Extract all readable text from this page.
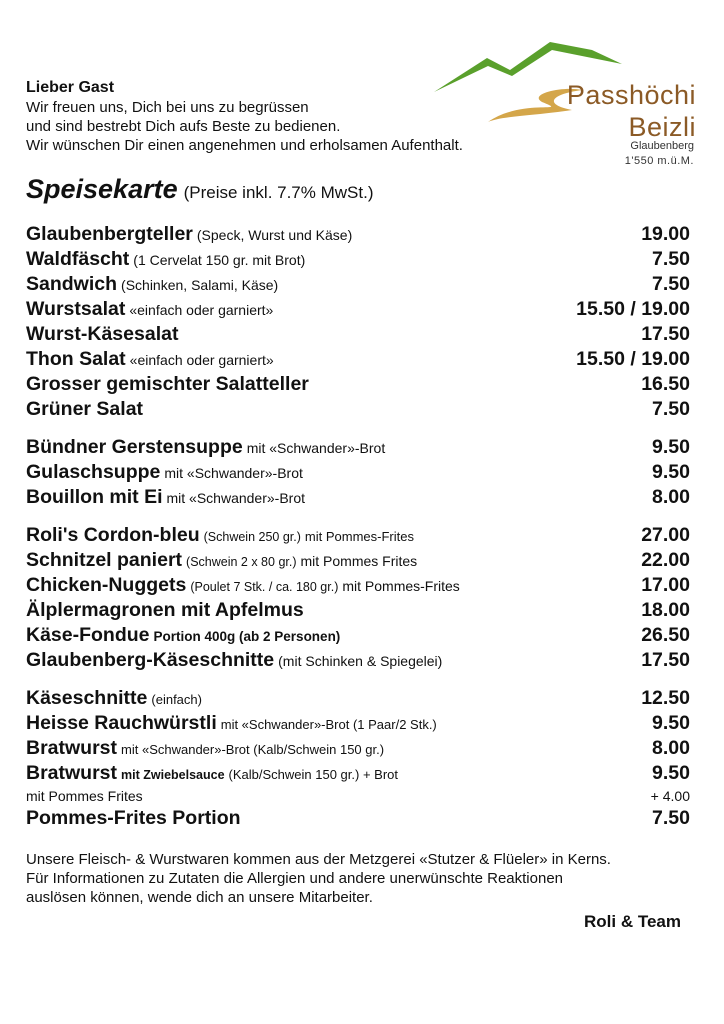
Lieber Gast
Wir freuen uns, Dich bei uns zu begrüssen
und sind bestrebt Dich aufs Beste zu bedienen.
Wir wünschen Dir einen angenehmen und erholsamen Aufenthalt.
Passhöchi
Beizli
Glaubenberg
1'550 m.ü.M.
Speisekarte (Preise inkl. 7.7% MwSt.)
Glaubenbergteller (Speck, Wurst und Käse)	19.00
Waldfäscht (1 Cervelat 150 gr. mit Brot)	7.50
Sandwich (Schinken, Salami, Käse)	7.50
Wurstsalat «einfach oder garniert»	15.50 / 19.00
Wurst-Käsesalat	17.50
Thon Salat «einfach oder garniert»	15.50 / 19.00
Grosser gemischter Salatteller	16.50
Grüner Salat	7.50
Bündner Gerstensuppe mit «Schwander»-Brot	9.50
Gulaschsuppe mit «Schwander»-Brot	9.50
Bouillon mit Ei mit «Schwander»-Brot	8.00
Roli's Cordon-bleu (Schwein 250 gr.) mit Pommes-Frites	27.00
Schnitzel paniert (Schwein 2 x 80 gr.) mit Pommes Frites	22.00
Chicken-Nuggets (Poulet 7 Stk. / ca. 180 gr.) mit Pommes-Frites	17.00
Älplermagronen mit Apfelmus	18.00
Käse-Fondue Portion 400g (ab 2 Personen)	26.50
Glaubenberg-Käseschnitte (mit Schinken & Spiegelei)	17.50
Käseschnitte (einfach)	12.50
Heisse Rauchwürstli mit «Schwander»-Brot (1 Paar/2 Stk.)	9.50
Bratwurst mit «Schwander»-Brot (Kalb/Schwein 150 gr.)	8.00
Bratwurst mit Zwiebelsauce (Kalb/Schwein 150 gr.) + Brot	9.50
mit Pommes Frites	+ 4.00
Pommes-Frites Portion	7.50
Unsere Fleisch- & Wurstwaren kommen aus der Metzgerei «Stutzer & Flüeler» in Kerns.
Für Informationen zu Zutaten die Allergien und andere unerwünschte Reaktionen
auslösen können, wende dich an unsere Mitarbeiter.
Roli & Team
